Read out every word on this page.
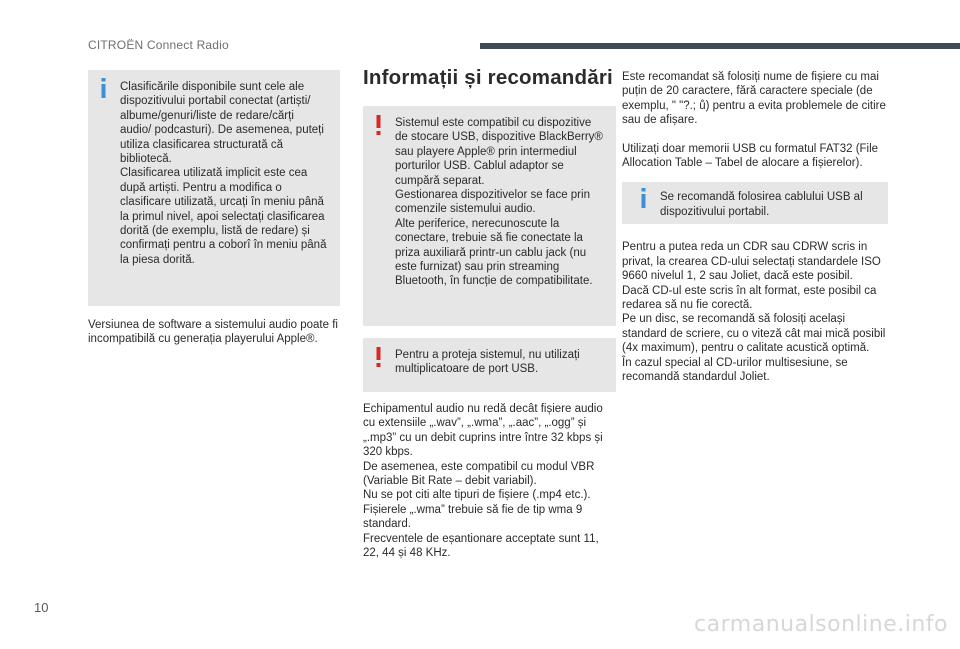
CITROËN Connect Radio

Clasificările disponibile sunt cele ale dispozitivului portabil conectat (artiști/ albume/genuri/liste de redare/cărți audio/ podcasturi). De asemenea, puteți utiliza clasificarea structurată că bibliotecă.
Clasificarea utilizată implicit este cea după artiști. Pentru a modifica o clasificare utilizată, urcați în meniu până la primul nivel, apoi selectați clasificarea dorită (de exemplu, listă de redare) și confirmați pentru a coborî în meniu până la piesa dorită.

Versiunea de software a sistemului audio poate fi incompatibilă cu generația playerului Apple®.

Informații și recomandări

Sistemul este compatibil cu dispozitive de stocare USB, dispozitive BlackBerry® sau playere Apple® prin intermediul porturilor USB. Cablul adaptor se cumpără separat.
Gestionarea dispozitivelor se face prin comenzile sistemului audio.
Alte periferice, nerecunoscute la conectare, trebuie să fie conectate la priza auxiliară printr-un cablu jack (nu este furnizat) sau prin streaming Bluetooth, în funcție de compatibilitate.

Pentru a proteja sistemul, nu utilizați multiplicatoare de port USB.

Echipamentul audio nu redă decât fișiere audio cu extensiile „.wav”, „.wma”, „.aac”, „.ogg” și „.mp3” cu un debit cuprins intre între 32 kbps și 320 kbps.
De asemenea, este compatibil cu modul VBR (Variable Bit Rate – debit variabil).
Nu se pot citi alte tipuri de fișiere (.mp4 etc.).
Fișierele „.wma” trebuie să fie de tip wma 9 standard.
Frecventele de eșantionare acceptate sunt 11, 22, 44 și 48 KHz.

Este recomandat să folosiți nume de fișiere cu mai puțin de 20 caractere, fără caractere speciale (de exemplu, " "?.; ů) pentru a evita problemele de citire sau de afișare.

Utilizați doar memorii USB cu formatul FAT32 (File Allocation Table – Tabel de alocare a fișierelor).

Se recomandă folosirea cablului USB al dispozitivului portabil.

Pentru a putea reda un CDR sau CDRW scris in privat, la crearea CD-ului selectați standardele ISO 9660 nivelul 1, 2 sau Joliet, dacă este posibil.
Dacă CD-ul este scris în alt format, este posibil ca redarea să nu fie corectă.
Pe un disc, se recomandă să folosiți același standard de scriere, cu o viteză cât mai mică posibil (4x maximum), pentru o calitate acustică optimă.
În cazul special al CD-urilor multisesiune, se recomandă standardul Joliet.

10
carmanualsonline.info
